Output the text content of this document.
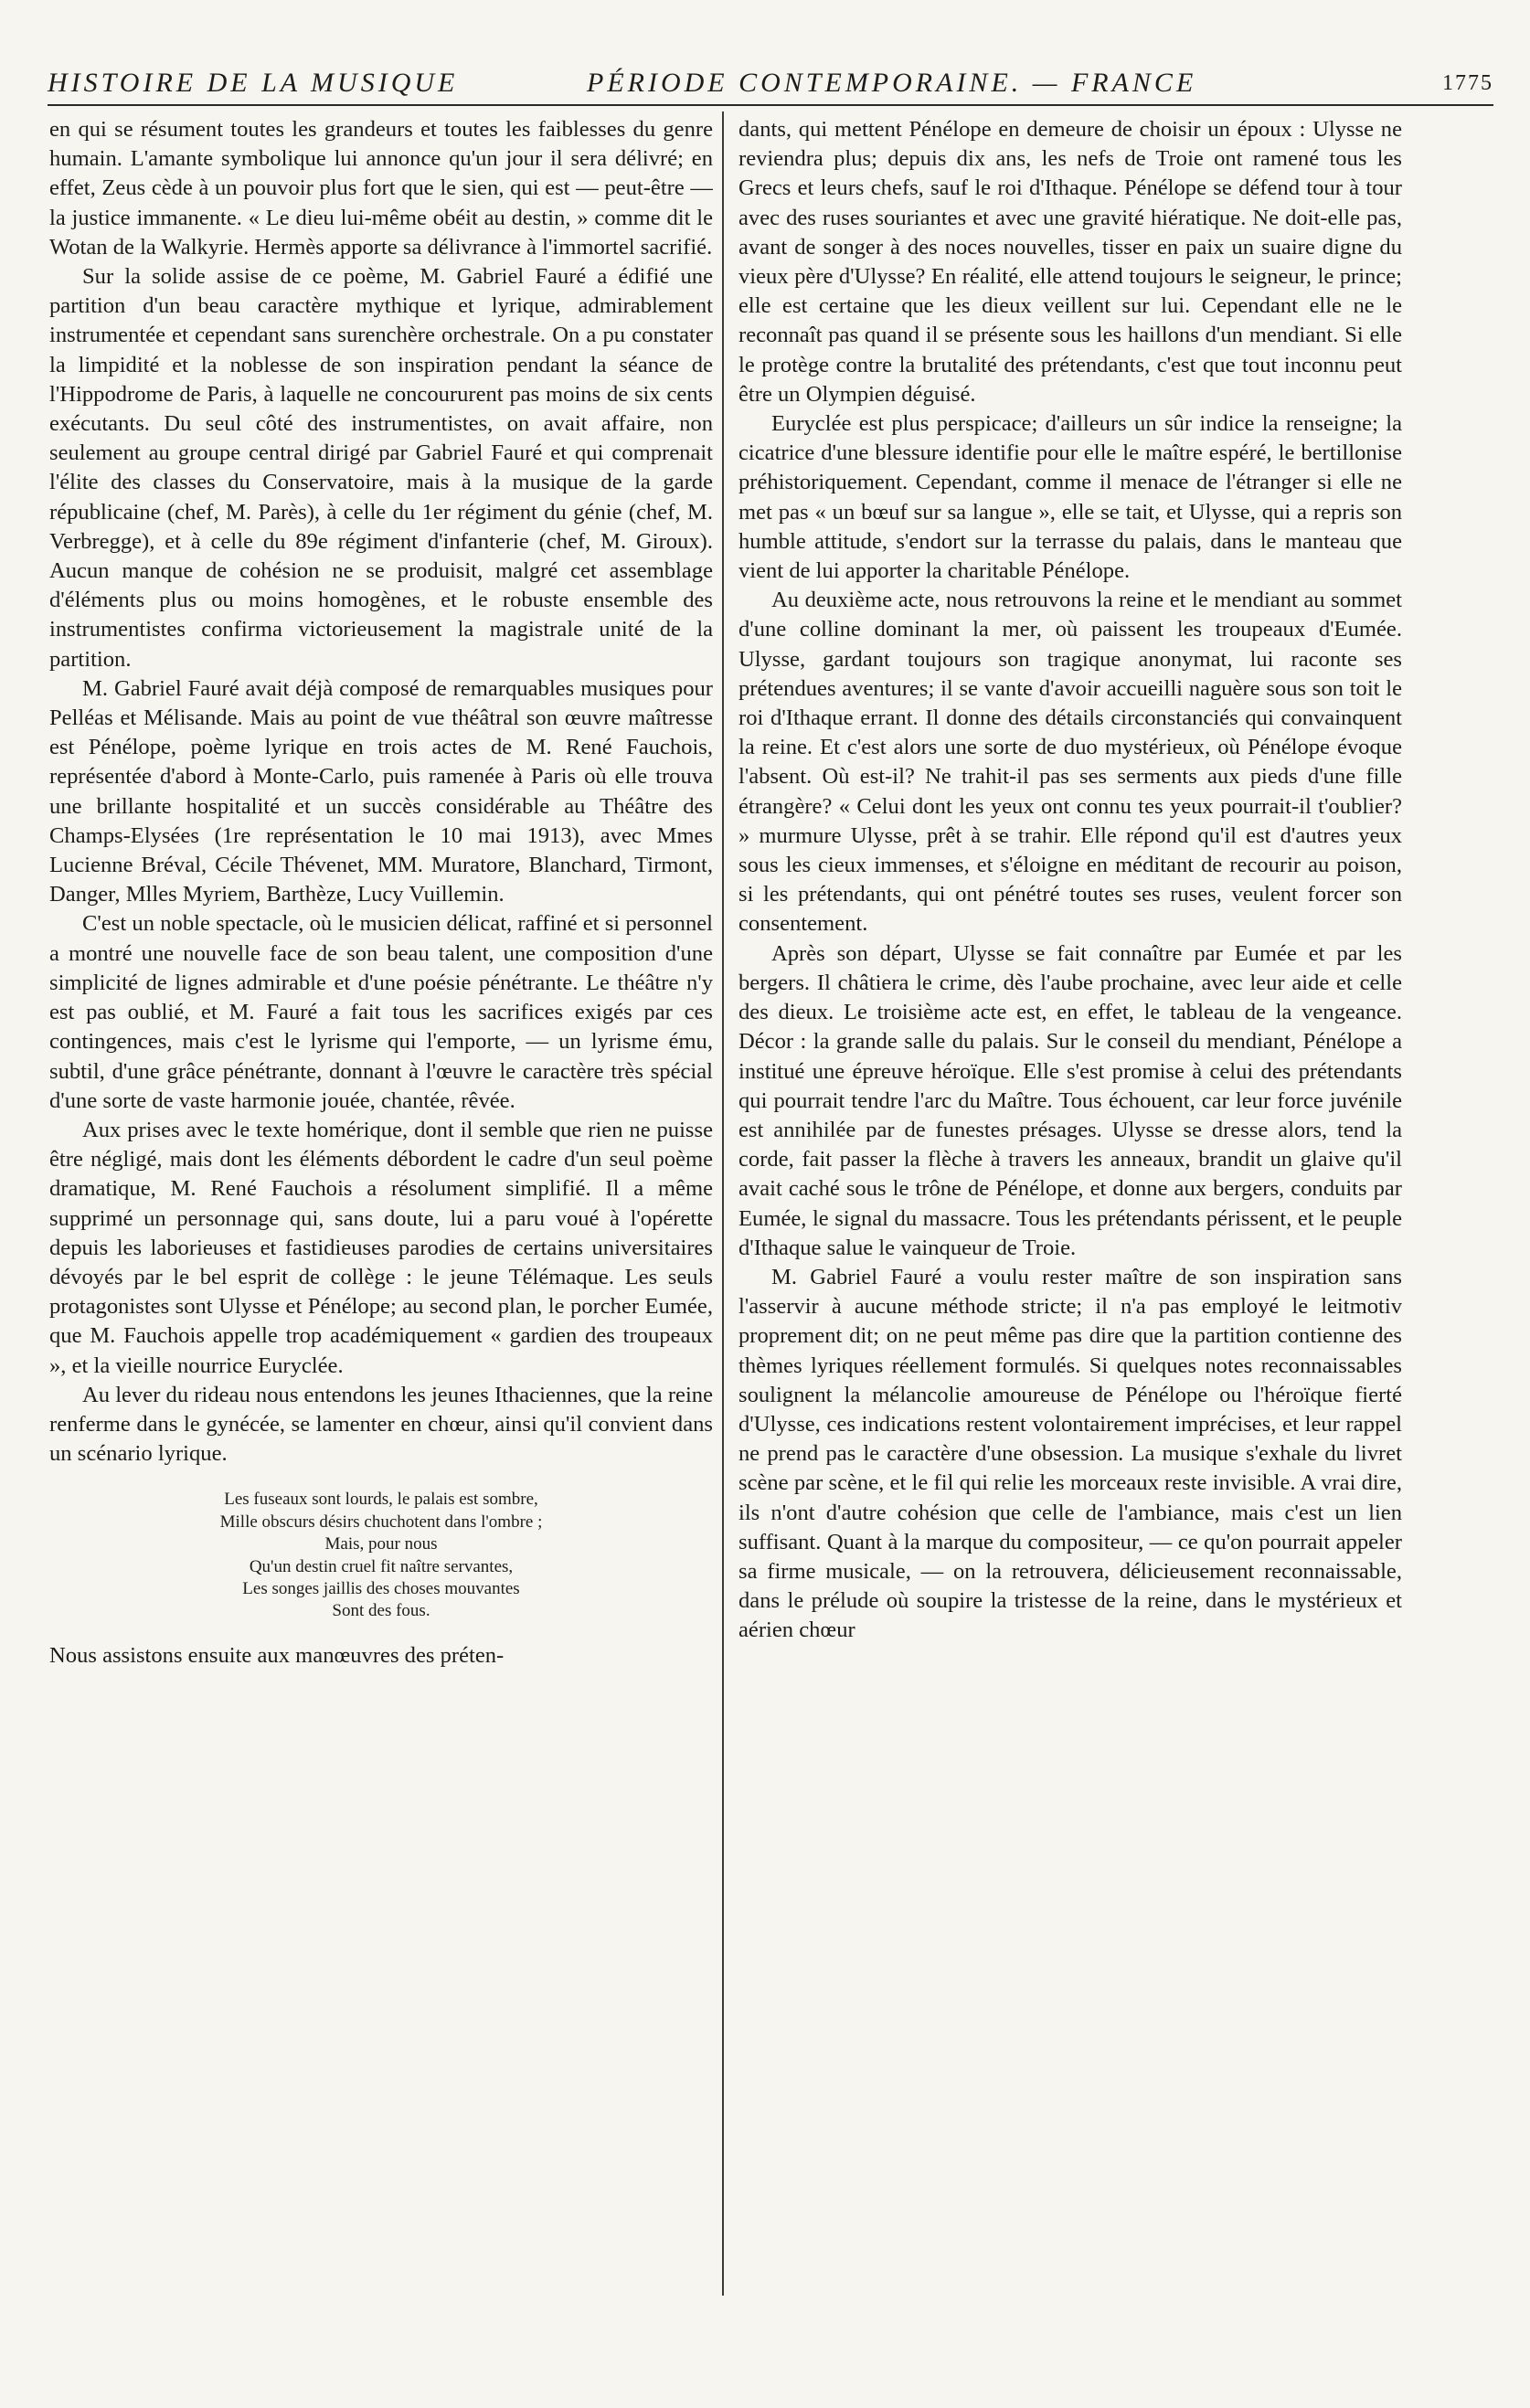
HISTOIRE DE LA MUSIQUE	PÉRIODE CONTEMPORAINE. — FRANCE	1775

en qui se résument toutes les grandeurs et toutes les faiblesses du genre humain. L'amante symbolique lui annonce qu'un jour il sera délivré; en effet, Zeus cède à un pouvoir plus fort que le sien, qui est — peut-être — la justice immanente. « Le dieu lui-même obéit au destin, » comme dit le Wotan de la Walkyrie. Hermès apporte sa délivrance à l'immortel sacrifié.

Sur la solide assise de ce poème, M. Gabriel Fauré a édifié une partition d'un beau caractère mythique et lyrique, admirablement instrumentée et cependant sans surenchère orchestrale. On a pu constater la limpidité et la noblesse de son inspiration pendant la séance de l'Hippodrome de Paris, à laquelle ne concoururent pas moins de six cents exécutants. Du seul côté des instrumentistes, on avait affaire, non seulement au groupe central dirigé par Gabriel Fauré et qui comprenait l'élite des classes du Conservatoire, mais à la musique de la garde républicaine (chef, M. Parès), à celle du 1er régiment du génie (chef, M. Verbregge), et à celle du 89e régiment d'infanterie (chef, M. Giroux). Aucun manque de cohésion ne se produisit, malgré cet assemblage d'éléments plus ou moins homogènes, et le robuste ensemble des instrumentistes confirma victorieusement la magistrale unité de la partition.

M. Gabriel Fauré avait déjà composé de remarquables musiques pour Pelléas et Mélisande. Mais au point de vue théâtral son œuvre maîtresse est Pénélope, poème lyrique en trois actes de M. René Fauchois, représentée d'abord à Monte-Carlo, puis ramenée à Paris où elle trouva une brillante hospitalité et un succès considérable au Théâtre des Champs-Elysées (1re représentation le 10 mai 1913), avec Mmes Lucienne Bréval, Cécile Thévenet, MM. Muratore, Blanchard, Tirmont, Danger, Mlles Myriem, Barthèze, Lucy Vuillemin.

C'est un noble spectacle, où le musicien délicat, raffiné et si personnel a montré une nouvelle face de son beau talent, une composition d'une simplicité de lignes admirable et d'une poésie pénétrante. Le théâtre n'y est pas oublié, et M. Fauré a fait tous les sacrifices exigés par ces contingences, mais c'est le lyrisme qui l'emporte, — un lyrisme ému, subtil, d'une grâce pénétrante, donnant à l'œuvre le caractère très spécial d'une sorte de vaste harmonie jouée, chantée, rêvée.

Aux prises avec le texte homérique, dont il semble que rien ne puisse être négligé, mais dont les éléments débordent le cadre d'un seul poème dramatique, M. René Fauchois a résolument simplifié. Il a même supprimé un personnage qui, sans doute, lui a paru voué à l'opérette depuis les laborieuses et fastidieuses parodies de certains universitaires dévoyés par le bel esprit de collège : le jeune Télémaque. Les seuls protagonistes sont Ulysse et Pénélope; au second plan, le porcher Eumée, que M. Fauchois appelle trop académiquement « gardien des troupeaux », et la vieille nourrice Euryclée.

Au lever du rideau nous entendons les jeunes Ithaciennes, que la reine renferme dans le gynécée, se lamenter en chœur, ainsi qu'il convient dans un scénario lyrique.

Les fuseaux sont lourds, le palais est sombre,
Mille obscurs désirs chuchotent dans l'ombre ;
Mais, pour nous
Qu'un destin cruel fit naître servantes,
Les songes jaillis des choses mouvantes
Sont des fous.

Nous assistons ensuite aux manœuvres des préten-

dants, qui mettent Pénélope en demeure de choisir un époux : Ulysse ne reviendra plus; depuis dix ans, les nefs de Troie ont ramené tous les Grecs et leurs chefs, sauf le roi d'Ithaque. Pénélope se défend tour à tour avec des ruses souriantes et avec une gravité hiératique. Ne doit-elle pas, avant de songer à des noces nouvelles, tisser en paix un suaire digne du vieux père d'Ulysse? En réalité, elle attend toujours le seigneur, le prince; elle est certaine que les dieux veillent sur lui. Cependant elle ne le reconnaît pas quand il se présente sous les haillons d'un mendiant. Si elle le protège contre la brutalité des prétendants, c'est que tout inconnu peut être un Olympien déguisé.

Euryclée est plus perspicace; d'ailleurs un sûr indice la renseigne; la cicatrice d'une blessure identifie pour elle le maître espéré, le bertillonise préhistoriquement. Cependant, comme il menace de l'étranger si elle ne met pas « un bœuf sur sa langue », elle se tait, et Ulysse, qui a repris son humble attitude, s'endort sur la terrasse du palais, dans le manteau que vient de lui apporter la charitable Pénélope.

Au deuxième acte, nous retrouvons la reine et le mendiant au sommet d'une colline dominant la mer, où paissent les troupeaux d'Eumée. Ulysse, gardant toujours son tragique anonymat, lui raconte ses prétendues aventures; il se vante d'avoir accueilli naguère sous son toit le roi d'Ithaque errant. Il donne des détails circonstanciés qui convainquent la reine. Et c'est alors une sorte de duo mystérieux, où Pénélope évoque l'absent. Où est-il? Ne trahit-il pas ses serments aux pieds d'une fille étrangère? « Celui dont les yeux ont connu tes yeux pourrait-il t'oublier? » murmure Ulysse, prêt à se trahir. Elle répond qu'il est d'autres yeux sous les cieux immenses, et s'éloigne en méditant de recourir au poison, si les prétendants, qui ont pénétré toutes ses ruses, veulent forcer son consentement.

Après son départ, Ulysse se fait connaître par Eumée et par les bergers. Il châtiera le crime, dès l'aube prochaine, avec leur aide et celle des dieux. Le troisième acte est, en effet, le tableau de la vengeance. Décor : la grande salle du palais. Sur le conseil du mendiant, Pénélope a institué une épreuve héroïque. Elle s'est promise à celui des prétendants qui pourrait tendre l'arc du Maître. Tous échouent, car leur force juvénile est annihilée par de funestes présages. Ulysse se dresse alors, tend la corde, fait passer la flèche à travers les anneaux, brandit un glaive qu'il avait caché sous le trône de Pénélope, et donne aux bergers, conduits par Eumée, le signal du massacre. Tous les prétendants périssent, et le peuple d'Ithaque salue le vainqueur de Troie.

M. Gabriel Fauré a voulu rester maître de son inspiration sans l'asservir à aucune méthode stricte; il n'a pas employé le leitmotiv proprement dit; on ne peut même pas dire que la partition contienne des thèmes lyriques réellement formulés. Si quelques notes reconnaissables soulignent la mélancolie amoureuse de Pénélope ou l'héroïque fierté d'Ulysse, ces indications restent volontairement imprécises, et leur rappel ne prend pas le caractère d'une obsession. La musique s'exhale du livret scène par scène, et le fil qui relie les morceaux reste invisible. A vrai dire, ils n'ont d'autre cohésion que celle de l'ambiance, mais c'est un lien suffisant. Quant à la marque du compositeur, — ce qu'on pourrait appeler sa firme musicale, — on la retrouvera, délicieusement reconnaissable, dans le prélude où soupire la tristesse de la reine, dans le mystérieux et aérien chœur
